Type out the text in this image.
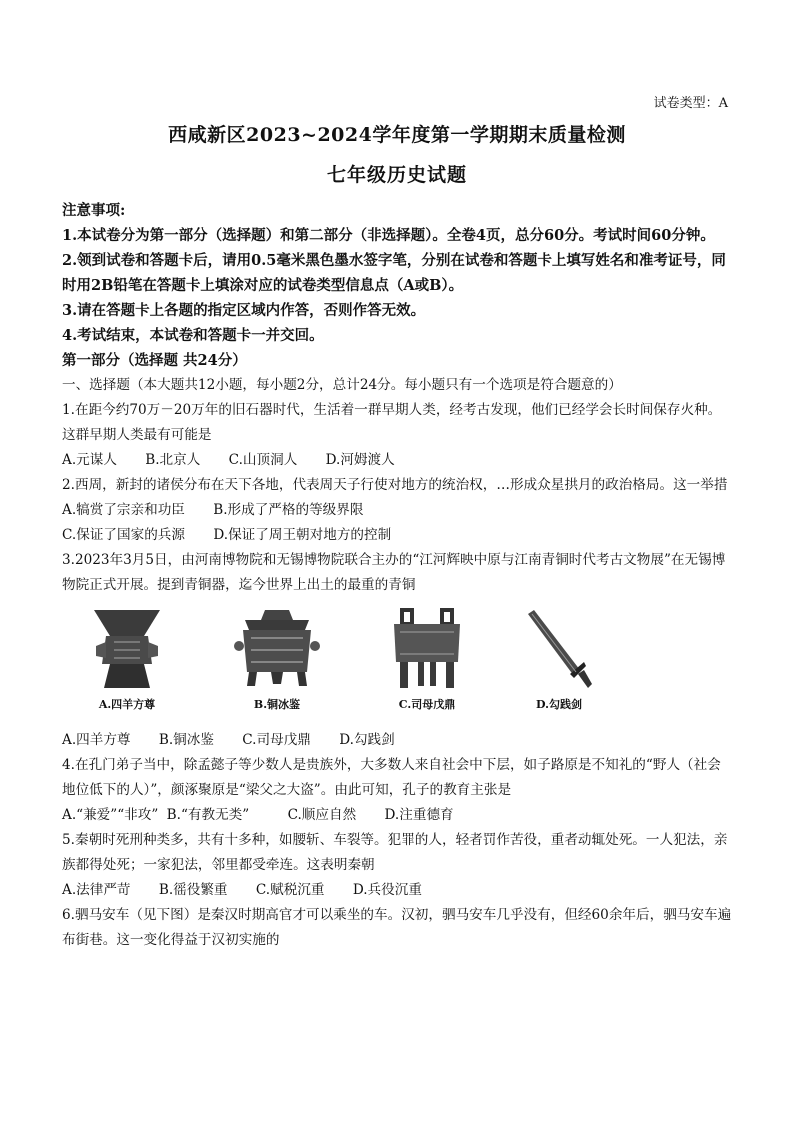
试卷类型：A
西咸新区2023~2024学年度第一学期期末质量检测
七年级历史试题
注意事项:
1.本试卷分为第一部分（选择题）和第二部分（非选择题）。全卷4页，总分60分。考试时间60分钟。
2.领到试卷和答题卡后，请用0.5毫米黑色墨水签字笔，分别在试卷和答题卡上填写姓名和准考证号，同时用2B铅笔在答题卡上填涂对应的试卷类型信息点（A或B）。
3.请在答题卡上各题的指定区域内作答，否则作答无效。
4.考试结束，本试卷和答题卡一并交回。
第一部分（选择题 共24分）

一、选择题（本大题共12小题，每小题2分，总计24分。每小题只有一个选项是符合题意的）

1.在距今约70万－20万年的旧石器时代，生活着一群早期人类，经考古发现，他们已经学会长时间保存火种。这群早期人类最有可能是

A.元谋人 B.北京人 C.山顶洞人 D.河姆渡人

2.西周，新封的诸侯分布在天下各地，代表周天子行使对地方的统治权，…形成众星拱月的政治格局。这一举措

A.犒赏了宗亲和功臣 B.形成了严格的等级界限
C.保证了国家的兵源 D.保证了周王朝对地方的控制

3.2023年3月5日，由河南博物院和无锡博物院联合主办的“江河辉映中原与江南青铜时代考古文物展”在无锡博物院正式开展。提到青铜器，迄今世界上出土的最重的青铜

A.四羊方尊	B.铜冰鉴	C.司母戊鼎	D.勾践剑
A.四羊方尊 B.铜冰鉴 C.司母戊鼎 D.勾践剑

4.在孔门弟子当中，除孟懿子等少数人是贵族外，大多数人来自社会中下层，如子路原是不知礼的“野人（社会地位低下的人）”，颜涿聚原是“梁父之大盗”。由此可知，孔子的教育主张是

A.“兼爱”“非攻” B.“有教无类”	C.顺应自然 D.注重德育

5.秦朝时死刑种类多，共有十多种，如腰斩、车裂等。犯罪的人，轻者罚作苦役，重者动辄处死。一人犯法，亲族都得处死；一家犯法，邻里都受牵连。这表明秦朝

A.法律严苛 B.徭役繁重 C.赋税沉重 D.兵役沉重

6.驷马安车（见下图）是秦汉时期高官才可以乘坐的车。汉初，驷马安车几乎没有，但经60余年后，驷马安车遍布街巷。这一变化得益于汉初实施的
